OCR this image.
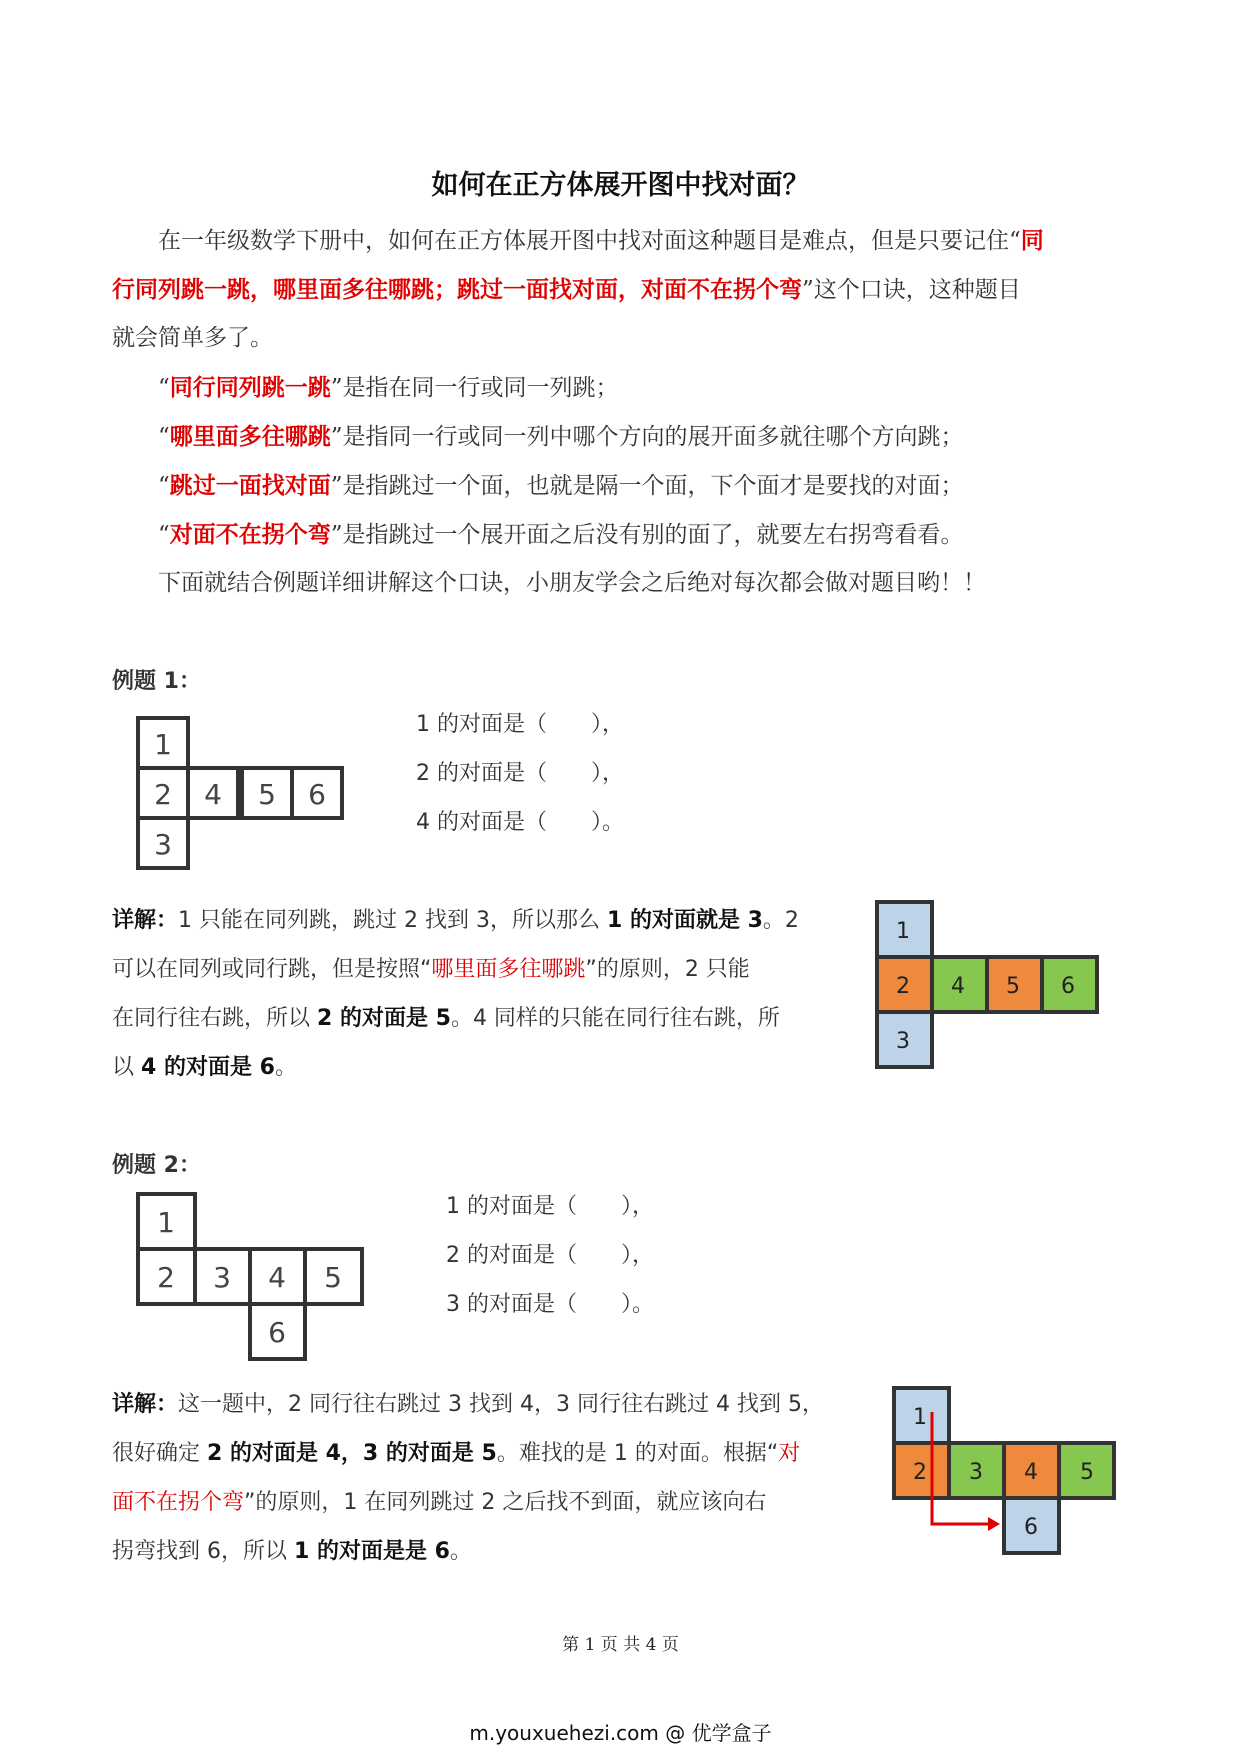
如何在正方体展开图中找对面？
在一年级数学下册中，如何在正方体展开图中找对面这种题目是难点，但是只要记住“同
行同列跳一跳，哪里面多往哪跳；跳过一面找对面，对面不在拐个弯”这个口诀，这种题目
就会简单多了。
“同行同列跳一跳”是指在同一行或同一列跳；
“哪里面多往哪跳”是指同一行或同一列中哪个方向的展开面多就往哪个方向跳；
“跳过一面找对面”是指跳过一个面，也就是隔一个面，下个面才是要找的对面；
“对面不在拐个弯”是指跳过一个展开面之后没有别的面了，就要左右拐弯看看。
下面就结合例题详细讲解这个口诀，小朋友学会之后绝对每次都会做对题目哟！！
例题 1：
1
2 4 5 6
3
1 的对面是（　　），
2 的对面是（　　），
4 的对面是（　　）。
详解：1 只能在同列跳，跳过 2 找到 3，所以那么 1 的对面就是 3。2
可以在同列或同行跳，但是按照“哪里面多往哪跳”的原则，2 只能
在同行往右跳，所以 2 的对面是 5。4 同样的只能在同行往右跳，所
以 4 的对面是 6。
1
2 4 5 6
3
例题 2：
1
2 3 4 5
6
1 的对面是（　　），
2 的对面是（　　），
3 的对面是（　　）。
详解：这一题中，2 同行往右跳过 3 找到 4，3 同行往右跳过 4 找到 5，
很好确定 2 的对面是 4，3 的对面是 5。难找的是 1 的对面。根据“对
面不在拐个弯”的原则，1 在同列跳过 2 之后找不到面，就应该向右
拐弯找到 6，所以 1 的对面是是 6。
1
2 3 4 5
6
第 1 页 共 4 页
m.youxuehezi.com @ 优学盒子
